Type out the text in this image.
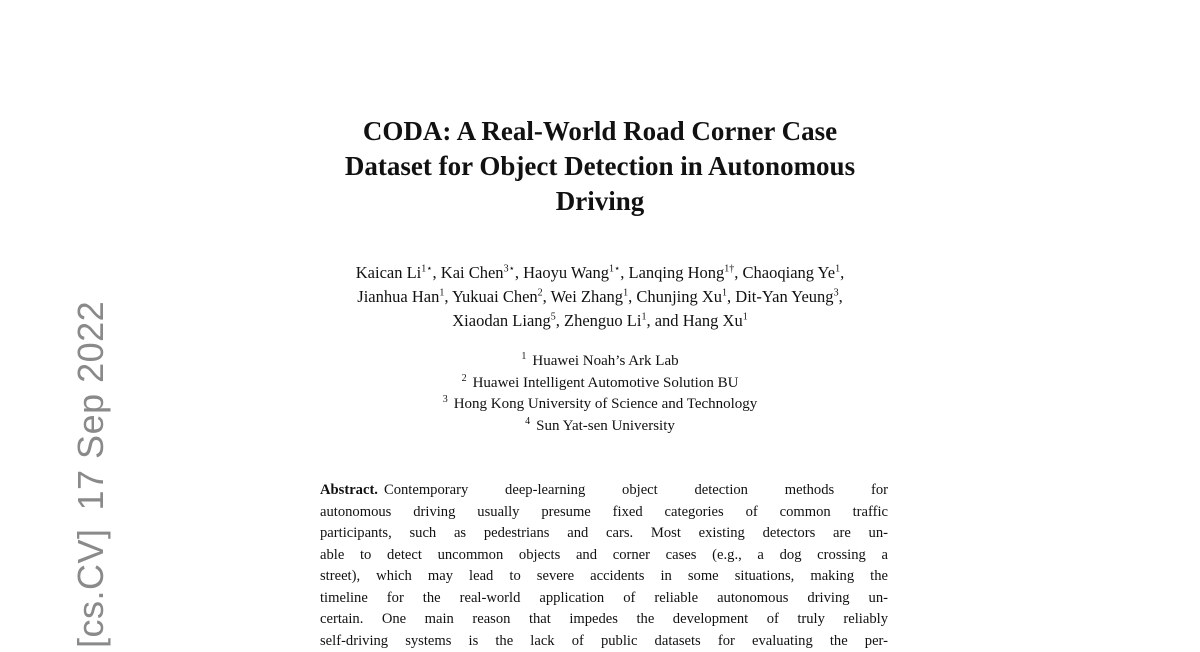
[cs.CV]17 Sep 2022
CODA: A Real-World Road Corner Case
Dataset for Object Detection in Autonomous
Driving
Kaican $Li^{1⋆}$, Kai Chen$^{3⋆}$, Haoyu Wang$^{1⋆}$, Lanqing Hong$^{1\dagger}$, Chaoqiang Ye$^1$,
Jianhua Han$^1$, Yukuai Chen$^2$, Wei Zhang$^1$, Chunjing Xu$^1$, Dit-Yan Yeung$^3$,
Xiaodan Liang$^5$, Zhenguo Li$^1$, and Hang Xu$^1$
$^1$ Huawei Noah’s Ark Lab
$^2$ Huawei Intelligent Automotive Solution BU
$^3$ Hong Kong University of Science and Technology
$^4$ Sun Yat-sen University
Abstract. Contemporary deep-learning object detection methods for
autonomous driving usually presume fixed categories of common traffic
participants, such as pedestrians and cars. Most existing detectors are un-
able to detect uncommon objects and corner cases (e.g., a dog crossing a
street), which may lead to severe accidents in some situations, making the
timeline for the real-world application of reliable autonomous driving un-
certain. One main reason that impedes the development of truly reliably
self-driving systems is the lack of public datasets for evaluating the per-
